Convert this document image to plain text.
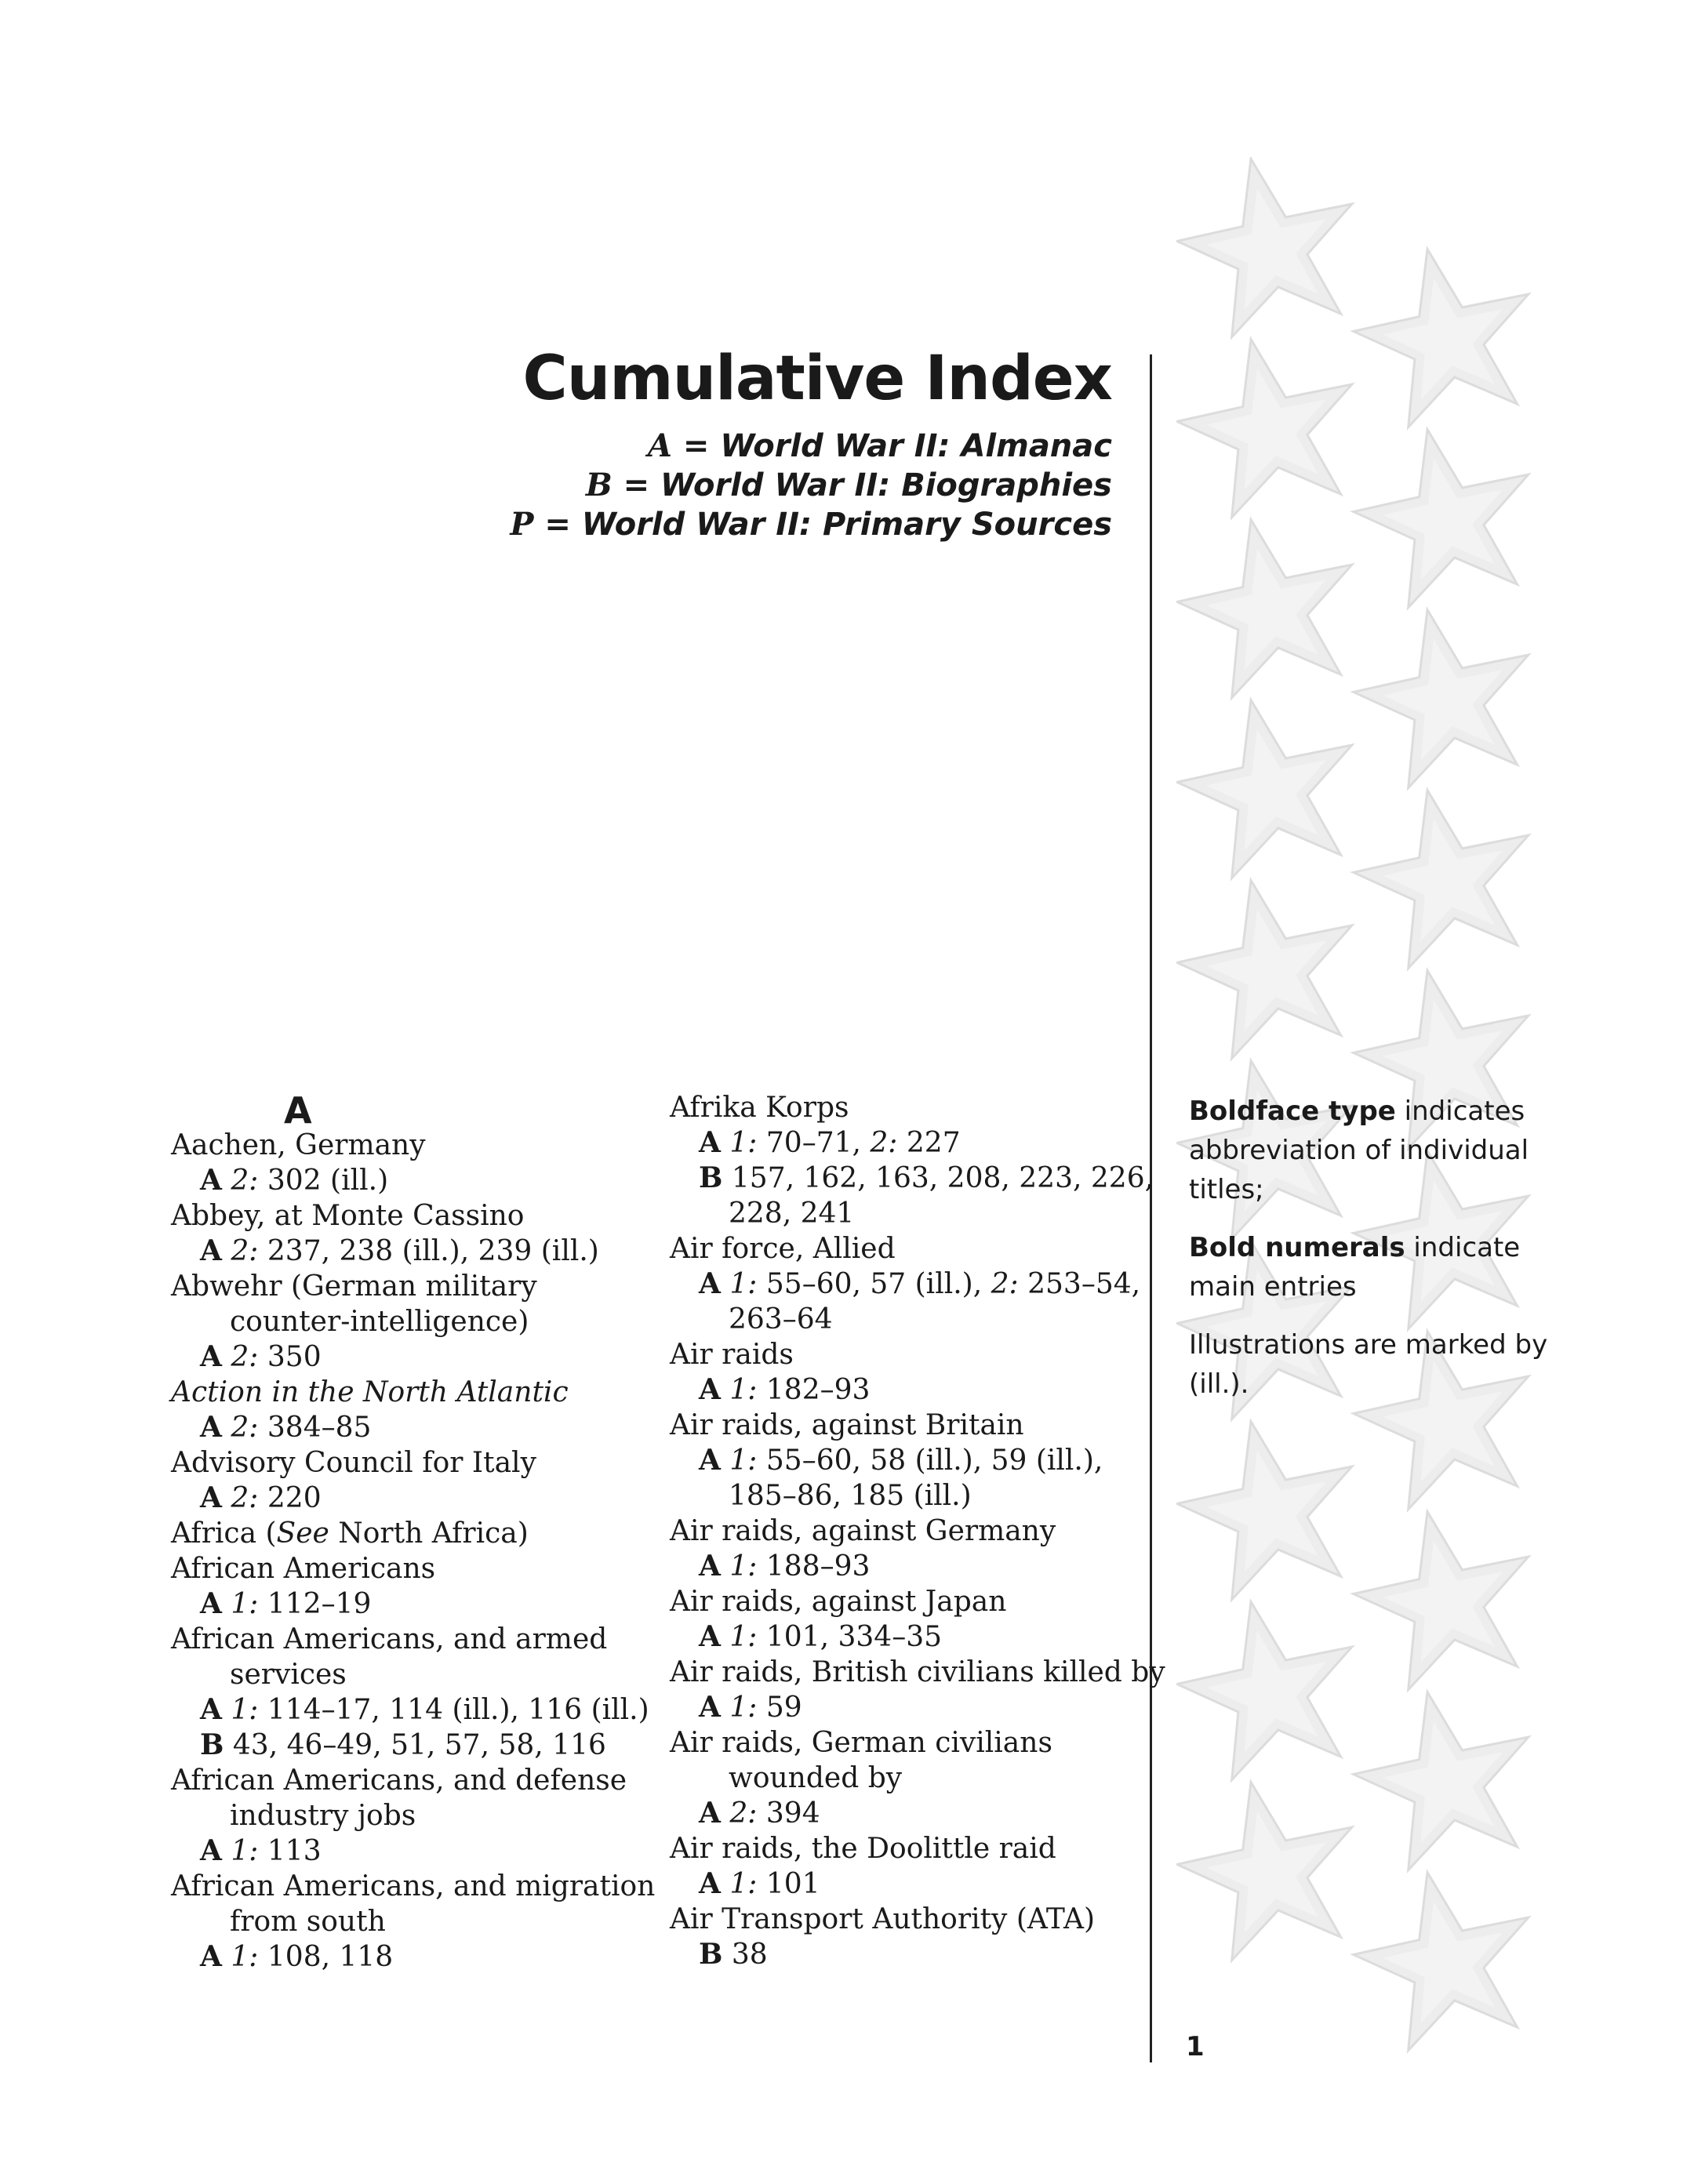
Cumulative Index
A = World War II: Almanac
B = World War II: Biographies
P = World War II: Primary Sources
A
Aachen, Germany
A 2: 302 (ill.)
Abbey, at Monte Cassino
A 2: 237, 238 (ill.), 239 (ill.)
Abwehr (German military
counter-intelligence)
A 2: 350
Action in the North Atlantic
A 2: 384–85
Advisory Council for Italy
A 2: 220
Africa (See North Africa)
African Americans
A 1: 112–19
African Americans, and armed
services
A 1: 114–17, 114 (ill.), 116 (ill.)
B 43, 46–49, 51, 57, 58, 116
African Americans, and defense
industry jobs
A 1: 113
African Americans, and migration
from south
A 1: 108, 118
Afrika Korps
A 1: 70–71, 2: 227
B 157, 162, 163, 208, 223, 226,
228, 241
Air force, Allied
A 1: 55–60, 57 (ill.), 2: 253–54,
263–64
Air raids
A 1: 182–93
Air raids, against Britain
A 1: 55–60, 58 (ill.), 59 (ill.),
185–86, 185 (ill.)
Air raids, against Germany
A 1: 188–93
Air raids, against Japan
A 1: 101, 334–35
Air raids, British civilians killed by
A 1: 59
Air raids, German civilians
wounded by
A 2: 394
Air raids, the Doolittle raid
A 1: 101
Air Transport Authority (ATA)
B 38

Boldface type indicates
abbreviation of individual titles;

Bold numerals indicate
main entries

Illustrations are marked by (ill.).

1
